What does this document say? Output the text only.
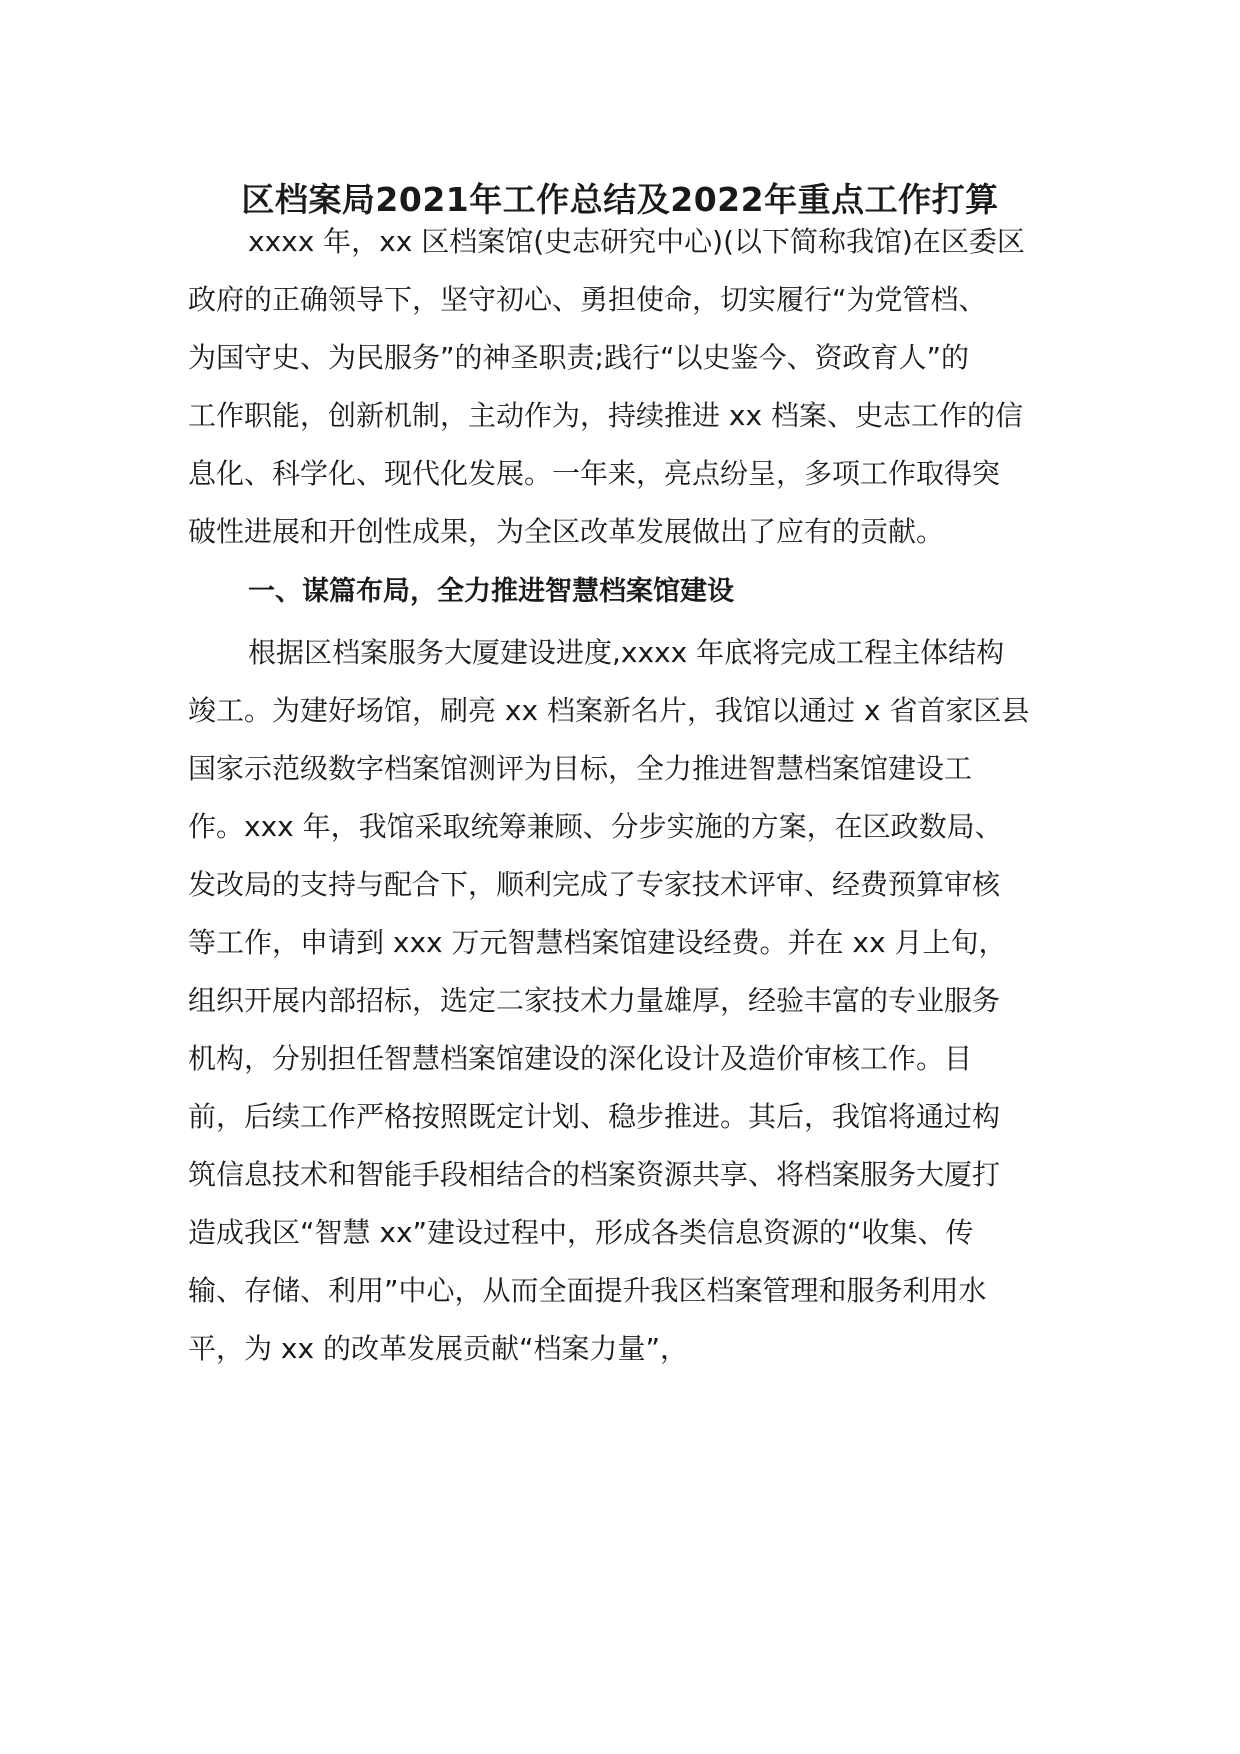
区档案局2021年工作总结及2022年重点工作打算
xxxx 年，xx 区档案馆(史志研究中心)(以下简称我馆)在区委区
政府的正确领导下，坚守初心、勇担使命，切实履行“为党管档、
为国守史、为民服务”的神圣职责;践行“以史鉴今、资政育人”的
工作职能，创新机制，主动作为，持续推进 xx 档案、史志工作的信
息化、科学化、现代化发展。一年来，亮点纷呈，多项工作取得突
破性进展和开创性成果，为全区改革发展做出了应有的贡献。
一、谋篇布局，全力推进智慧档案馆建设
根据区档案服务大厦建设进度,xxxx 年底将完成工程主体结构
竣工。为建好场馆，刷亮 xx 档案新名片，我馆以通过 x 省首家区县
国家示范级数字档案馆测评为目标，全力推进智慧档案馆建设工
作。xxx 年，我馆采取统筹兼顾、分步实施的方案，在区政数局、
发改局的支持与配合下，顺利完成了专家技术评审、经费预算审核
等工作，申请到 xxx 万元智慧档案馆建设经费。并在 xx 月上旬，
组织开展内部招标，选定二家技术力量雄厚，经验丰富的专业服务
机构，分别担任智慧档案馆建设的深化设计及造价审核工作。目
前，后续工作严格按照既定计划、稳步推进。其后，我馆将通过构
筑信息技术和智能手段相结合的档案资源共享、将档案服务大厦打
造成我区“智慧 xx”建设过程中，形成各类信息资源的“收集、传
输、存储、利用”中心，从而全面提升我区档案管理和服务利用水
平，为 xx 的改革发展贡献“档案力量”，
